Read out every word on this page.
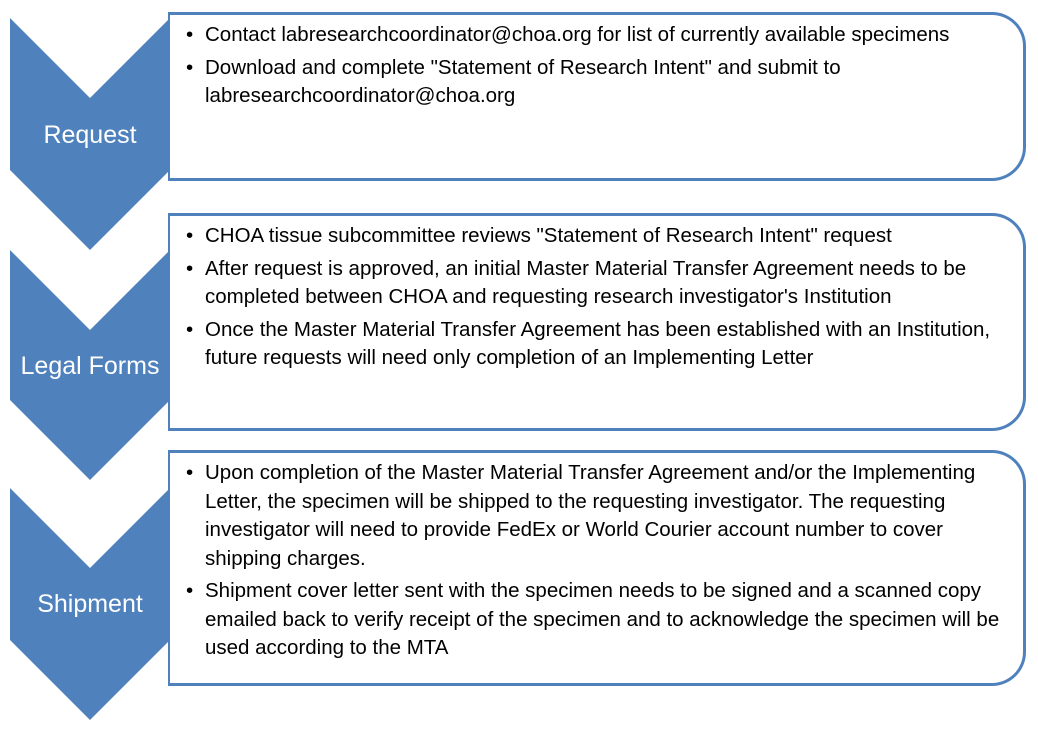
Request
• Contact labresearchcoordinator@choa.org for list of currently available specimens
• Download and complete "Statement of Research Intent" and submit to labresearchcoordinator@choa.org
Legal Forms
• CHOA tissue subcommittee reviews "Statement of Research Intent" request
• After request is approved, an initial Master Material Transfer Agreement needs to be completed between CHOA and requesting research investigator's Institution
• Once the Master Material Transfer Agreement has been established with an Institution, future requests will need only completion of an Implementing Letter
Shipment
• Upon completion of the Master Material Transfer Agreement and/or the Implementing Letter, the specimen will be shipped to the requesting investigator. The requesting investigator will need to provide FedEx or World Courier account number to cover shipping charges.
• Shipment cover letter sent with the specimen needs to be signed and a scanned copy emailed back to verify receipt of the specimen and to acknowledge the specimen will be used according to the MTA
